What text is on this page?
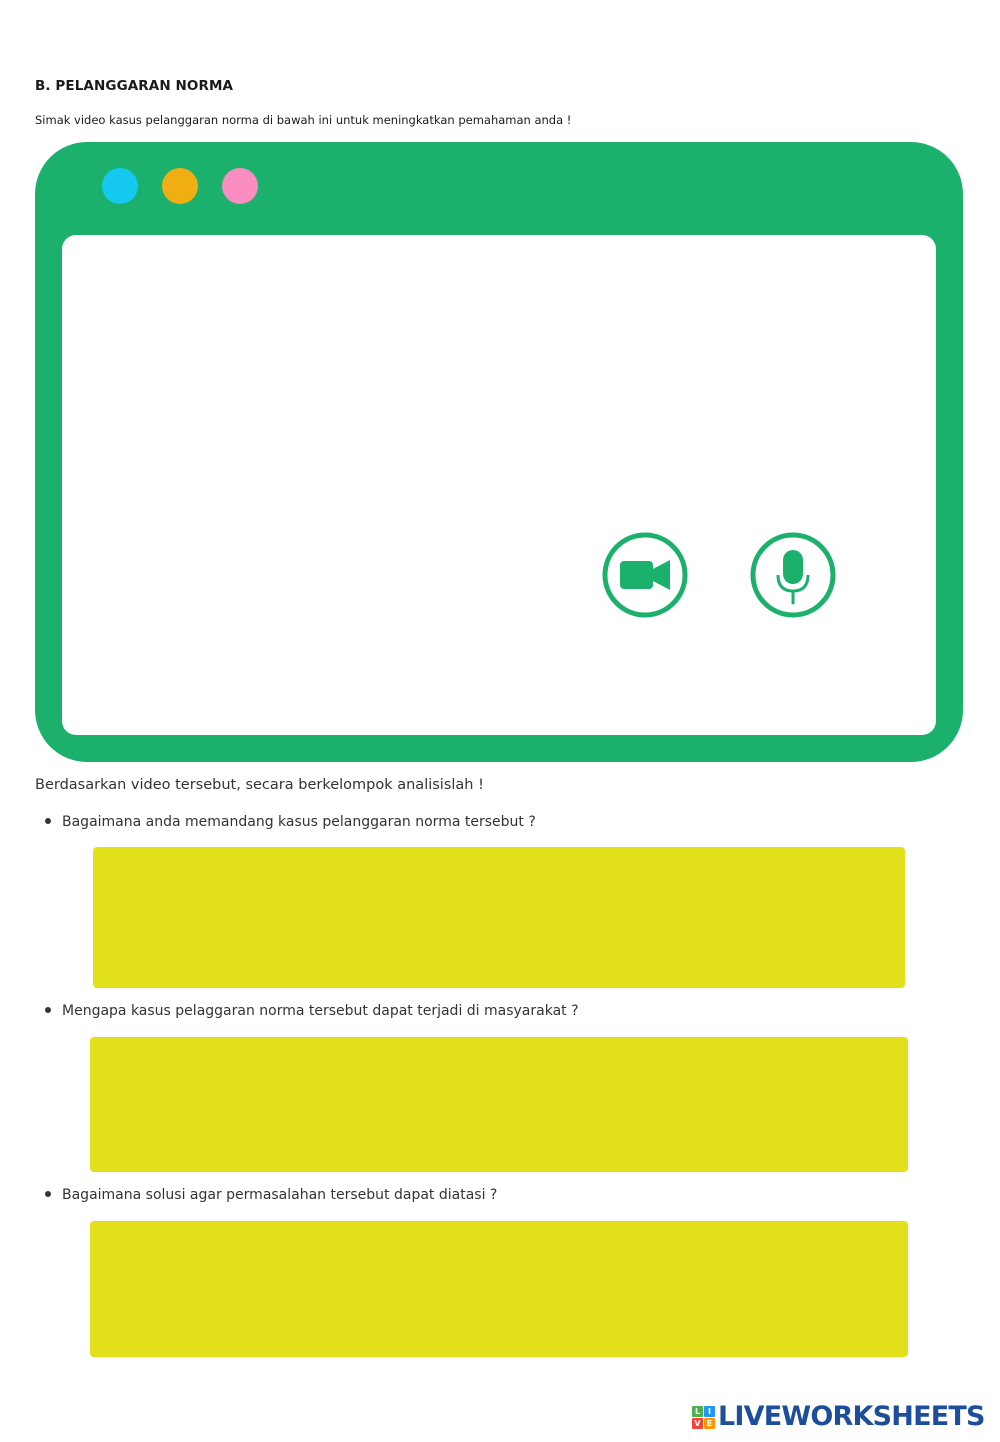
B. PELANGGARAN NORMA
Simak video kasus pelanggaran norma di bawah ini untuk meningkatkan pemahaman anda !
Berdasarkan video tersebut, secara berkelompok analisislah !
Bagaimana anda memandang kasus pelanggaran norma tersebut ?
Mengapa kasus pelaggaran norma tersebut dapat terjadi di masyarakat ?
Bagaimana solusi agar permasalahan tersebut dapat diatasi ?
L I
V E LIVEWORKSHEETS
